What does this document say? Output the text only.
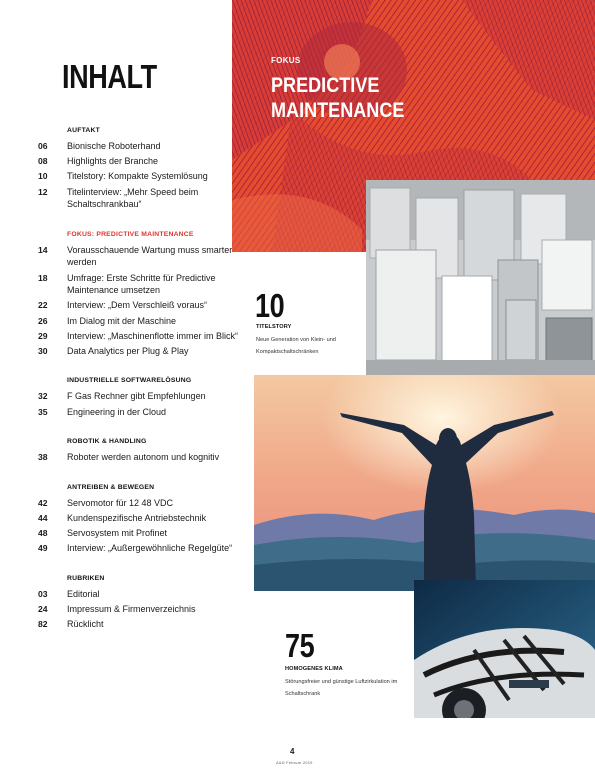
INHALT
AUFTAKT
06	Bionische Roboterhand
08	Highlights der Branche
10	Titelstory: Kompakte Systemlösung
12	Titelinterview: „Mehr Speed beim Schaltschrankbau“
FOKUS: PREDICTIVE MAINTENANCE
14	Vorausschauende Wartung muss smarter werden
18	Umfrage: Erste Schritte für Predictive Maintenance umsetzen
22	Interview: „Dem Verschleiß voraus“
26	Im Dialog mit der Maschine
29	Interview: „Maschinenflotte immer im Blick“
30	Data Analytics per Plug & Play
INDUSTRIELLE SOFTWARELÖSUNG
32	F Gas Rechner gibt Empfehlungen
35	Engineering in der Cloud
ROBOTIK & HANDLING
38	Roboter werden autonom und kognitiv
ANTREIBEN & BEWEGEN
42	Servomotor für 12 48 VDC
44	Kundenspezifische Antriebstechnik
48	Servosystem mit Profinet
49	Interview: „Außergewöhnliche Regelgüte“
RUBRIKEN
03	Editorial
24	Impressum & Firmenverzeichnis
82	Rücklicht
FOKUS
PREDICTIVE
MAINTENANCE
10
TITELSTORY
Neue Generation von Klein- und Kompaktschaltschränken
75
HOMOGENES KLIMA
Störungsfreier und günstige Luftzirkulation im Schaltschrank
4
A&D Februar 2019
